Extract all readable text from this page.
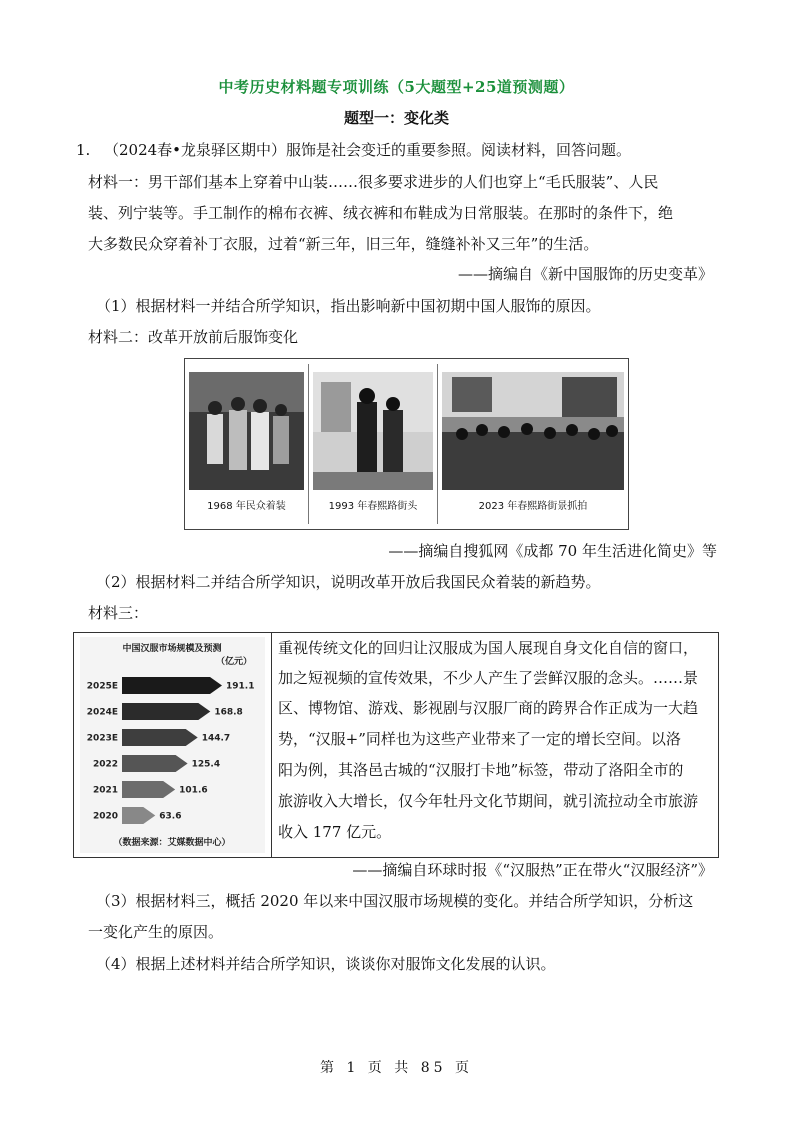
中考历史材料题专项训练（5大题型+25道预测题）
题型一：变化类
1. （2024春•龙泉驿区期中）服饰是社会变迁的重要参照。阅读材料，回答问题。
材料一：男干部们基本上穿着中山装……很多要求进步的人们也穿上“毛氏服装”、人民
装、列宁装等。手工制作的棉布衣裤、绒衣裤和布鞋成为日常服装。在那时的条件下，绝
大多数民众穿着补丁衣服，过着“新三年，旧三年，缝缝补补又三年”的生活。
——摘编自《新中国服饰的历史变革》
（1）根据材料一并结合所学知识，指出影响新中国初期中国人服饰的原因。
材料二：改革开放前后服饰变化
1968 年民众着装	1993 年春熙路街头	2023 年春熙路街景抓拍
——摘编自搜狐网《成都 70 年生活进化简史》等
（2）根据材料二并结合所学知识，说明改革开放后我国民众着装的新趋势。
材料三：
中国汉服市场规模及预测
（亿元）
2025E	191.1
2024E	168.8
2023E	144.7
2022	125.4
2021	101.6
2020	63.6
（数据来源：艾媒数据中心）
重视传统文化的回归让汉服成为国人展现自身文化自信的窗口，
加之短视频的宣传效果，不少人产生了尝鲜汉服的念头。……景
区、博物馆、游戏、影视剧与汉服厂商的跨界合作正成为一大趋
势，“汉服+”同样也为这些产业带来了一定的增长空间。以洛
阳为例，其洛邑古城的“汉服打卡地”标签，带动了洛阳全市的
旅游收入大增长，仅今年牡丹文化节期间，就引流拉动全市旅游
收入 177 亿元。
——摘编自环球时报《“汉服热”正在带火“汉服经济”》
（3）根据材料三，概括 2020 年以来中国汉服市场规模的变化。并结合所学知识，分析这
一变化产生的原因。
（4）根据上述材料并结合所学知识，谈谈你对服饰文化发展的认识。
第 1 页 共 85 页
